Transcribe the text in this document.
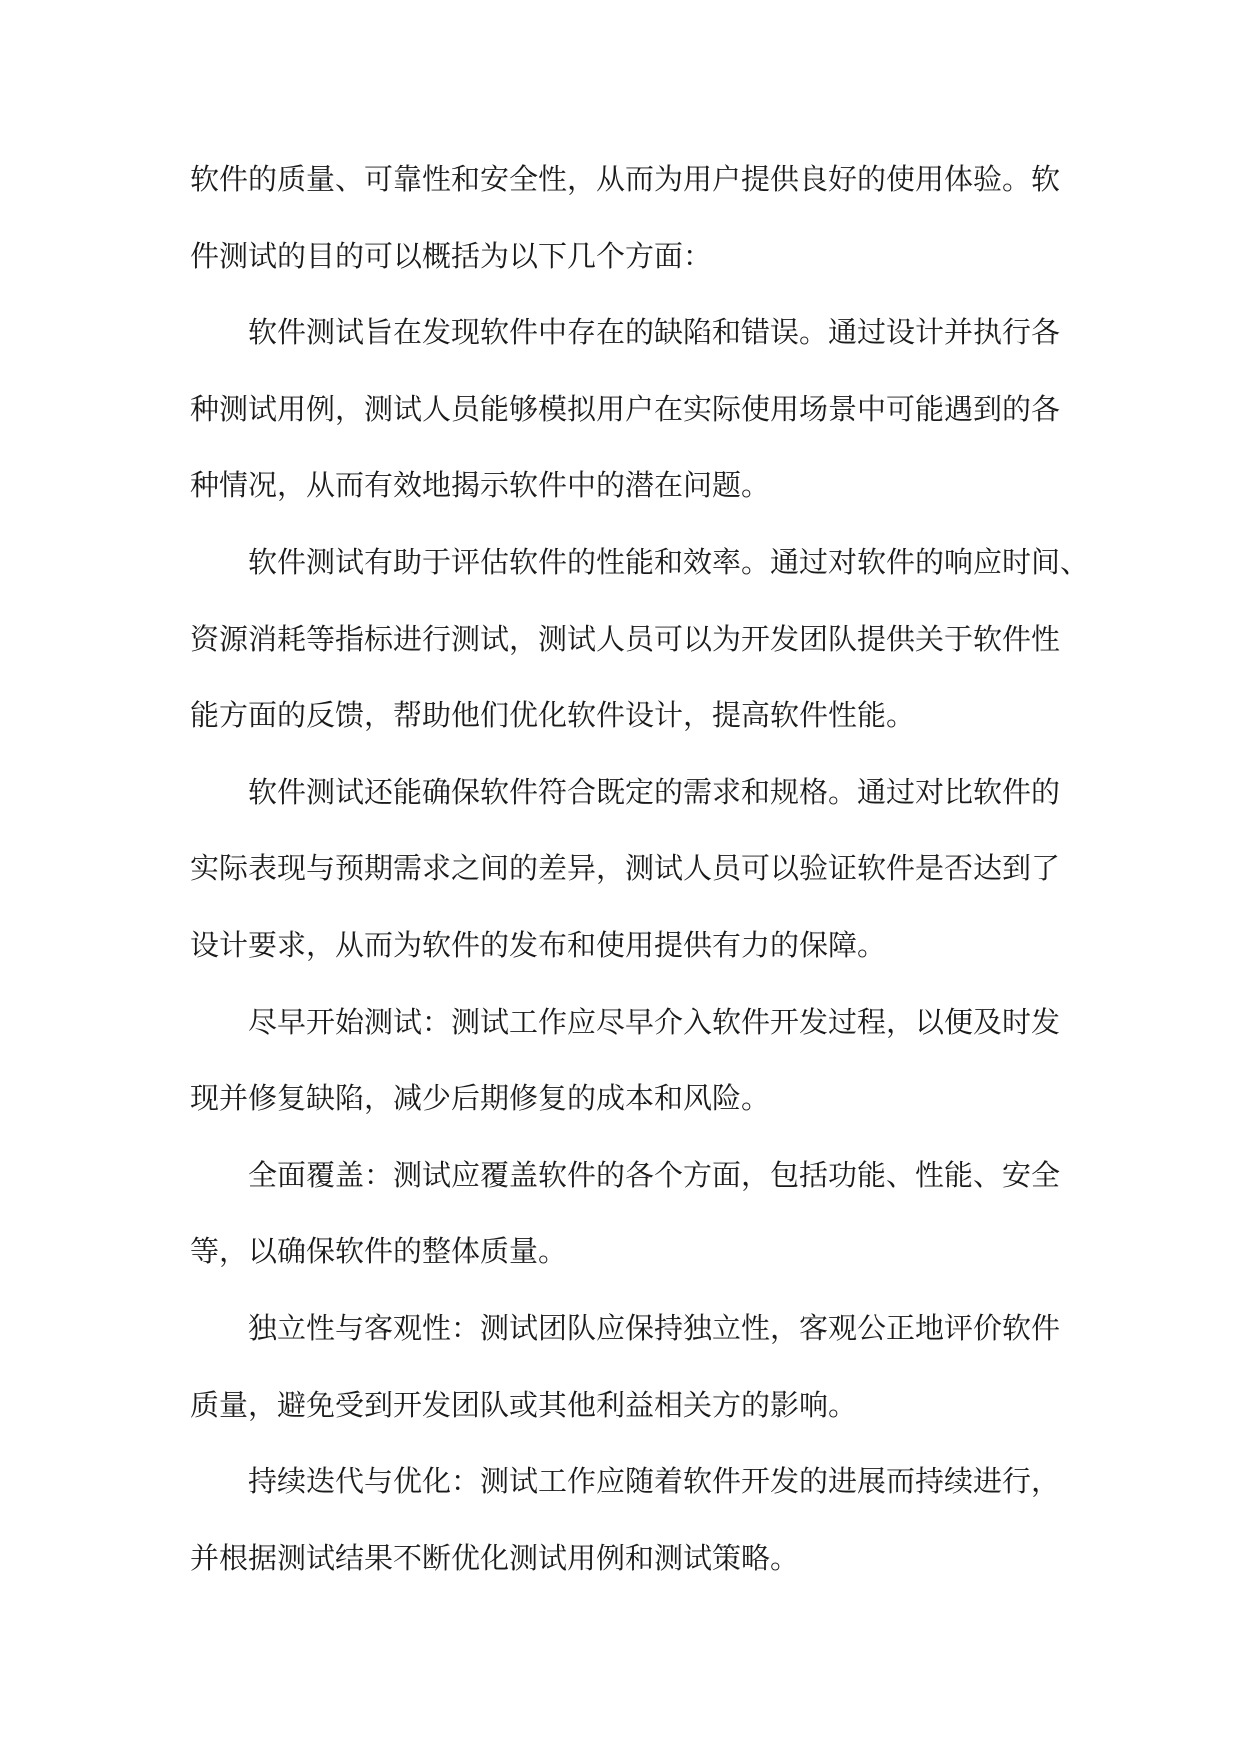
软件的质量、可靠性和安全性，从而为用户提供良好的使用体验。软
件测试的目的可以概括为以下几个方面：
软件测试旨在发现软件中存在的缺陷和错误。通过设计并执行各
种测试用例，测试人员能够模拟用户在实际使用场景中可能遇到的各
种情况，从而有效地揭示软件中的潜在问题。
软件测试有助于评估软件的性能和效率。通过对软件的响应时间、
资源消耗等指标进行测试，测试人员可以为开发团队提供关于软件性
能方面的反馈，帮助他们优化软件设计，提高软件性能。
软件测试还能确保软件符合既定的需求和规格。通过对比软件的
实际表现与预期需求之间的差异，测试人员可以验证软件是否达到了
设计要求，从而为软件的发布和使用提供有力的保障。
尽早开始测试：测试工作应尽早介入软件开发过程，以便及时发
现并修复缺陷，减少后期修复的成本和风险。
全面覆盖：测试应覆盖软件的各个方面，包括功能、性能、安全
等，以确保软件的整体质量。
独立性与客观性：测试团队应保持独立性，客观公正地评价软件
质量，避免受到开发团队或其他利益相关方的影响。
持续迭代与优化：测试工作应随着软件开发的进展而持续进行，
并根据测试结果不断优化测试用例和测试策略。
